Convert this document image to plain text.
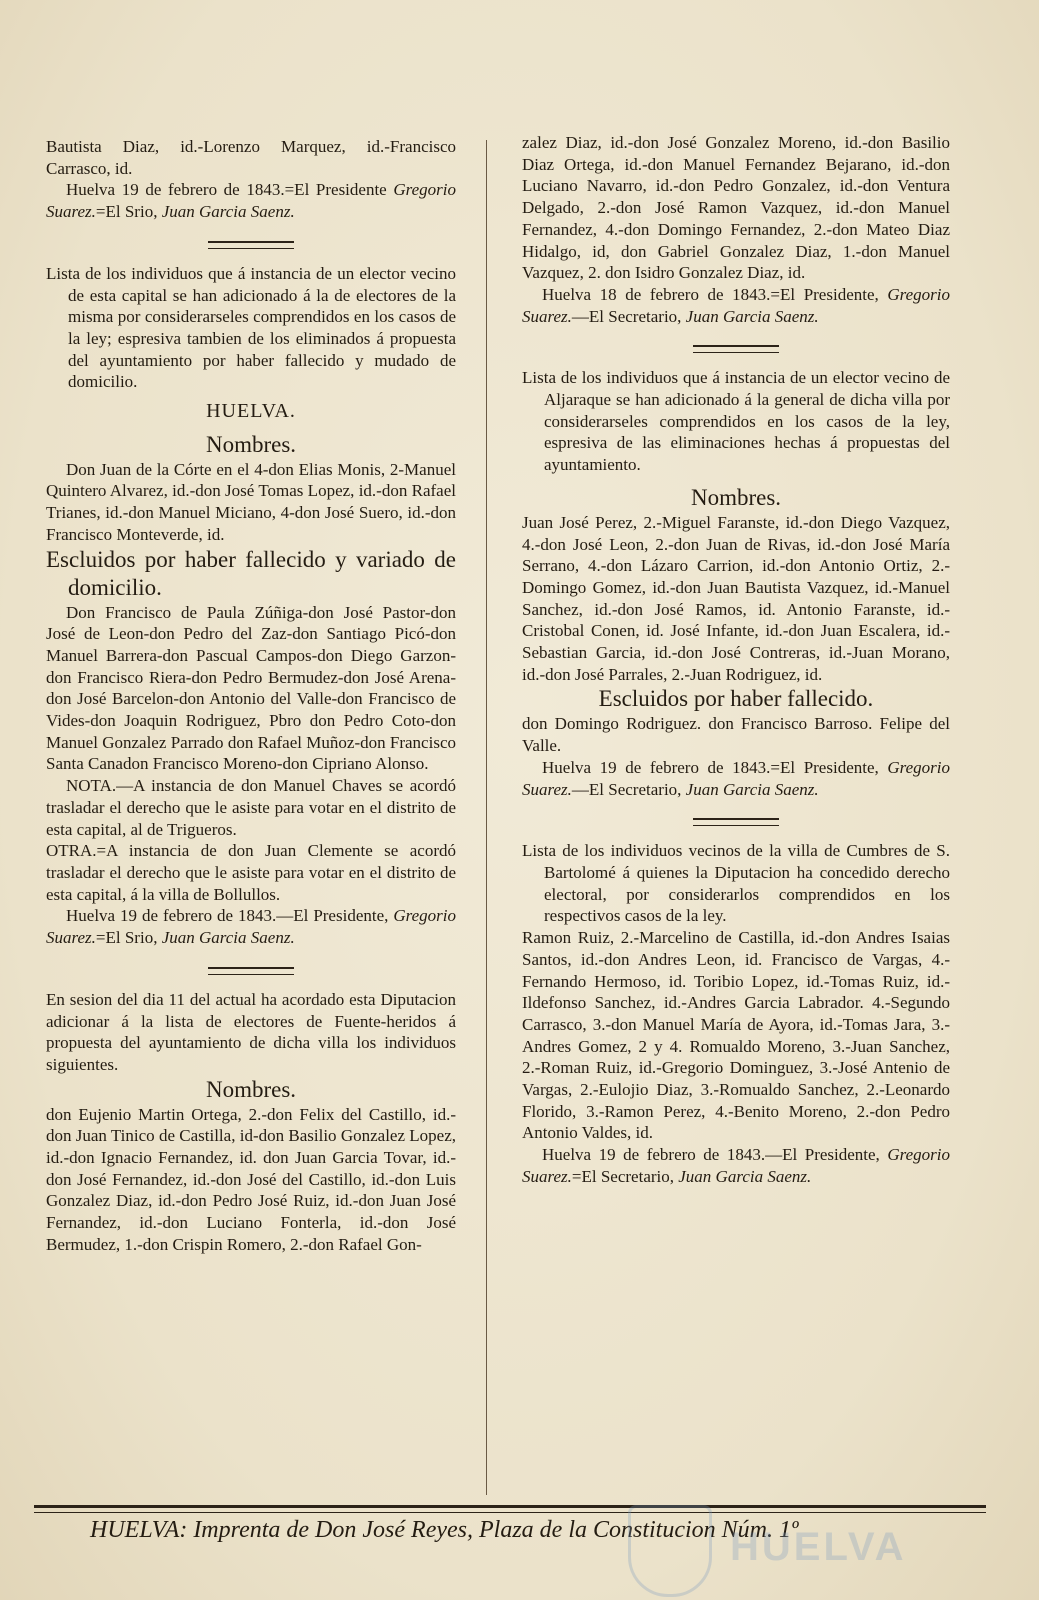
Bautista Diaz, id.-Lorenzo Marquez, id.-Francisco Carrasco, id.

Huelva 19 de febrero de 1843.=El Presidente Gregorio Suarez.=El Srio, Juan Garcia Saenz.

Lista de los individuos que á instancia de un elector vecino de esta capital se han adicionado á la de electores de la misma por considerarseles comprendidos en los casos de la ley; espresiva tambien de los eliminados á propuesta del ayuntamiento por haber fallecido y mudado de domicilio.

HUELVA.

Nombres.

Don Juan de la Córte en el 4-don Elias Monis, 2-Manuel Quintero Alvarez, id.-don José Tomas Lopez, id.-don Rafael Trianes, id.-don Manuel Miciano, 4-don José Suero, id.-don Francisco Monteverde, id.

Escluidos por haber fallecido y variado de domicilio.

Don Francisco de Paula Zúñiga-don José Pastor-don José de Leon-don Pedro del Zaz-don Santiago Picó-don Manuel Barrera-don Pascual Campos-don Diego Garzon-don Francisco Riera-don Pedro Bermudez-don José Arena-don José Barcelon-don Antonio del Valle-don Francisco de Vides-don Joaquin Rodriguez, Pbro don Pedro Coto-don Manuel Gonzalez Parrado don Rafael Muñoz-don Francisco Santa Canadon Francisco Moreno-don Cipriano Alonso.

NOTA.—A instancia de don Manuel Chaves se acordó trasladar el derecho que le asiste para votar en el distrito de esta capital, al de Trigueros.

OTRA.=A instancia de don Juan Clemente se acordó trasladar el derecho que le asiste para votar en el distrito de esta capital, á la villa de Bollullos.

Huelva 19 de febrero de 1843.—El Presidente, Gregorio Suarez.=El Srio, Juan Garcia Saenz.

En sesion del dia 11 del actual ha acordado esta Diputacion adicionar á la lista de electores de Fuente-heridos á propuesta del ayuntamiento de dicha villa los individuos siguientes.

Nombres.

don Eujenio Martin Ortega, 2.-don Felix del Castillo, id.-don Juan Tinico de Castilla, id-don Basilio Gonzalez Lopez, id.-don Ignacio Fernandez, id. don Juan Garcia Tovar, id.-don José Fernandez, id.-don José del Castillo, id.-don Luis Gonzalez Diaz, id.-don Pedro José Ruiz, id.-don Juan José Fernandez, id.-don Luciano Fonterla, id.-don José Bermudez, 1.-don Crispin Romero, 2.-don Rafael Gon-

zalez Diaz, id.-don José Gonzalez Moreno, id.-don Basilio Diaz Ortega, id.-don Manuel Fernandez Bejarano, id.-don Luciano Navarro, id.-don Pedro Gonzalez, id.-don Ventura Delgado, 2.-don José Ramon Vazquez, id.-don Manuel Fernandez, 4.-don Domingo Fernandez, 2.-don Mateo Diaz Hidalgo, id, don Gabriel Gonzalez Diaz, 1.-don Manuel Vazquez, 2. don Isidro Gonzalez Diaz, id.

Huelva 18 de febrero de 1843.=El Presidente, Gregorio Suarez.—El Secretario, Juan Garcia Saenz.

Lista de los individuos que á instancia de un elector vecino de Aljaraque se han adicionado á la general de dicha villa por considerarseles comprendidos en los casos de la ley, espresiva de las eliminaciones hechas á propuestas del ayuntamiento.

Nombres.

Juan José Perez, 2.-Miguel Faranste, id.-don Diego Vazquez, 4.-don José Leon, 2.-don Juan de Rivas, id.-don José María Serrano, 4.-don Lázaro Carrion, id.-don Antonio Ortiz, 2.-Domingo Gomez, id.-don Juan Bautista Vazquez, id.-Manuel Sanchez, id.-don José Ramos, id. Antonio Faranste, id.-Cristobal Conen, id. José Infante, id.-don Juan Escalera, id.-Sebastian Garcia, id.-don José Contreras, id.-Juan Morano, id.-don José Parrales, 2.-Juan Rodriguez, id.

Escluidos por haber fallecido.

don Domingo Rodriguez. don Francisco Barroso. Felipe del Valle.

Huelva 19 de febrero de 1843.=El Presidente, Gregorio Suarez.—El Secretario, Juan Garcia Saenz.

Lista de los individuos vecinos de la villa de Cumbres de S. Bartolomé á quienes la Diputacion ha concedido derecho electoral, por considerarlos comprendidos en los respectivos casos de la ley.

Ramon Ruiz, 2.-Marcelino de Castilla, id.-don Andres Isaias Santos, id.-don Andres Leon, id. Francisco de Vargas, 4.-Fernando Hermoso, id. Toribio Lopez, id.-Tomas Ruiz, id.-Ildefonso Sanchez, id.-Andres Garcia Labrador. 4.-Segundo Carrasco, 3.-don Manuel María de Ayora, id.-Tomas Jara, 3.-Andres Gomez, 2 y 4. Romualdo Moreno, 3.-Juan Sanchez, 2.-Roman Ruiz, id.-Gregorio Dominguez, 3.-José Antenio de Vargas, 2.-Eulojio Diaz, 3.-Romualdo Sanchez, 2.-Leonardo Florido, 3.-Ramon Perez, 4.-Benito Moreno, 2.-don Pedro Antonio Valdes, id.

Huelva 19 de febrero de 1843.—El Presidente, Gregorio Suarez.=El Secretario, Juan Garcia Saenz.

HUELVA: Imprenta de Don José Reyes, Plaza de la Constitucion Núm. 1º
HUELVA
